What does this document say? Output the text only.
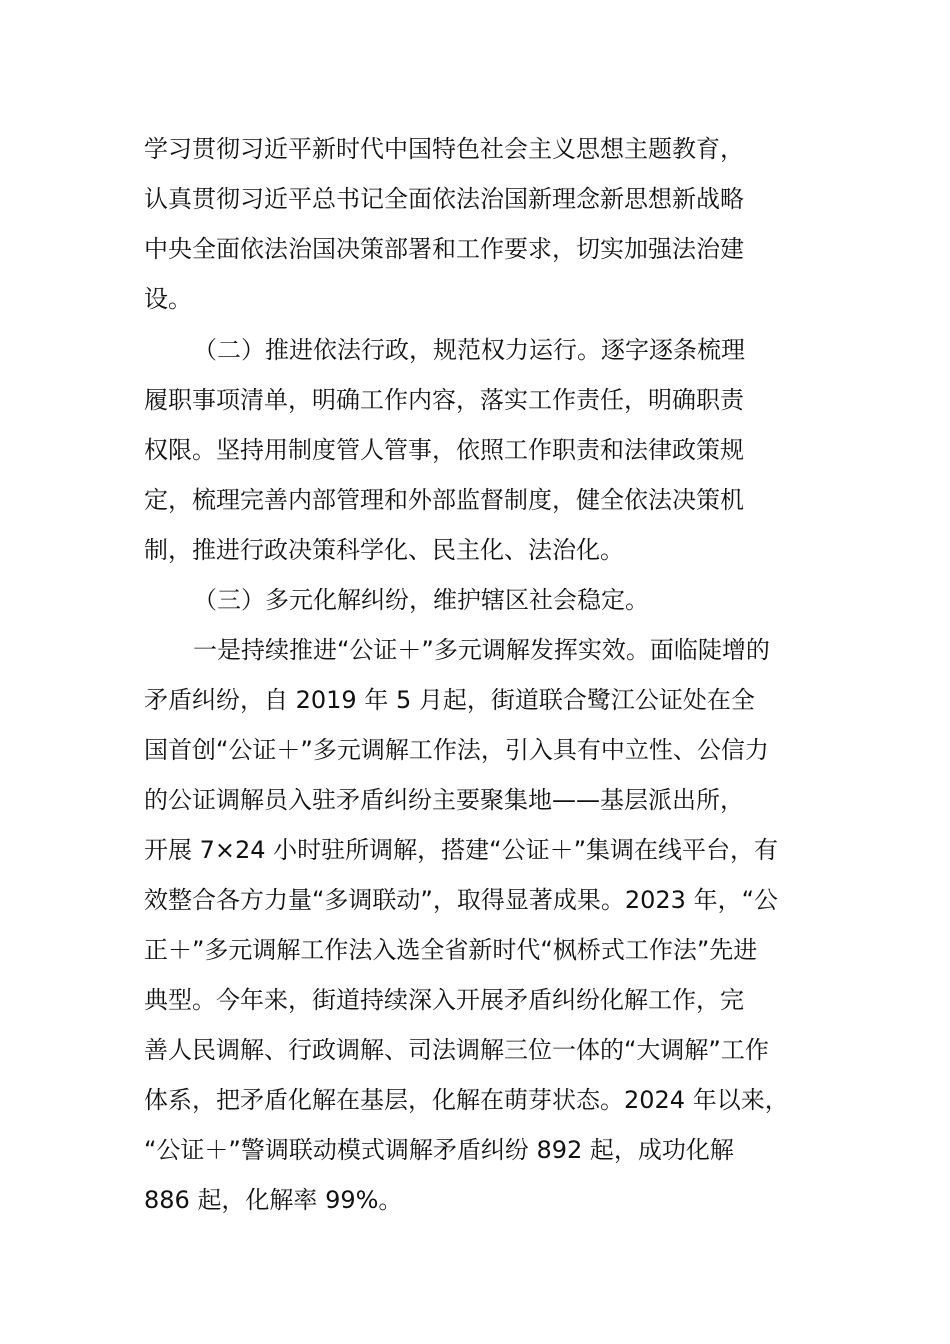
学习贯彻习近平新时代中国特色社会主义思想主题教育，
认真贯彻习近平总书记全面依法治国新理念新思想新战略
中央全面依法治国决策部署和工作要求，切实加强法治建
设。
（二）推进依法行政，规范权力运行。逐字逐条梳理
履职事项清单，明确工作内容，落实工作责任，明确职责
权限。坚持用制度管人管事，依照工作职责和法律政策规
定，梳理完善内部管理和外部监督制度，健全依法决策机
制，推进行政决策科学化、民主化、法治化。
（三）多元化解纠纷，维护辖区社会稳定。
一是持续推进“公证＋”多元调解发挥实效。面临陡增的
矛盾纠纷，自 2019 年 5 月起，街道联合鹭江公证处在全
国首创“公证＋”多元调解工作法，引入具有中立性、公信力
的公证调解员入驻矛盾纠纷主要聚集地——基层派出所，
开展 7×24 小时驻所调解，搭建“公证＋”集调在线平台，有
效整合各方力量“多调联动”，取得显著成果。2023 年，“公
正＋”多元调解工作法入选全省新时代“枫桥式工作法”先进
典型。今年来，街道持续深入开展矛盾纠纷化解工作，完
善人民调解、行政调解、司法调解三位一体的“大调解”工作
体系，把矛盾化解在基层，化解在萌芽状态。2024 年以来，
“公证＋”警调联动模式调解矛盾纠纷 892 起，成功化解
886 起，化解率 99%。
